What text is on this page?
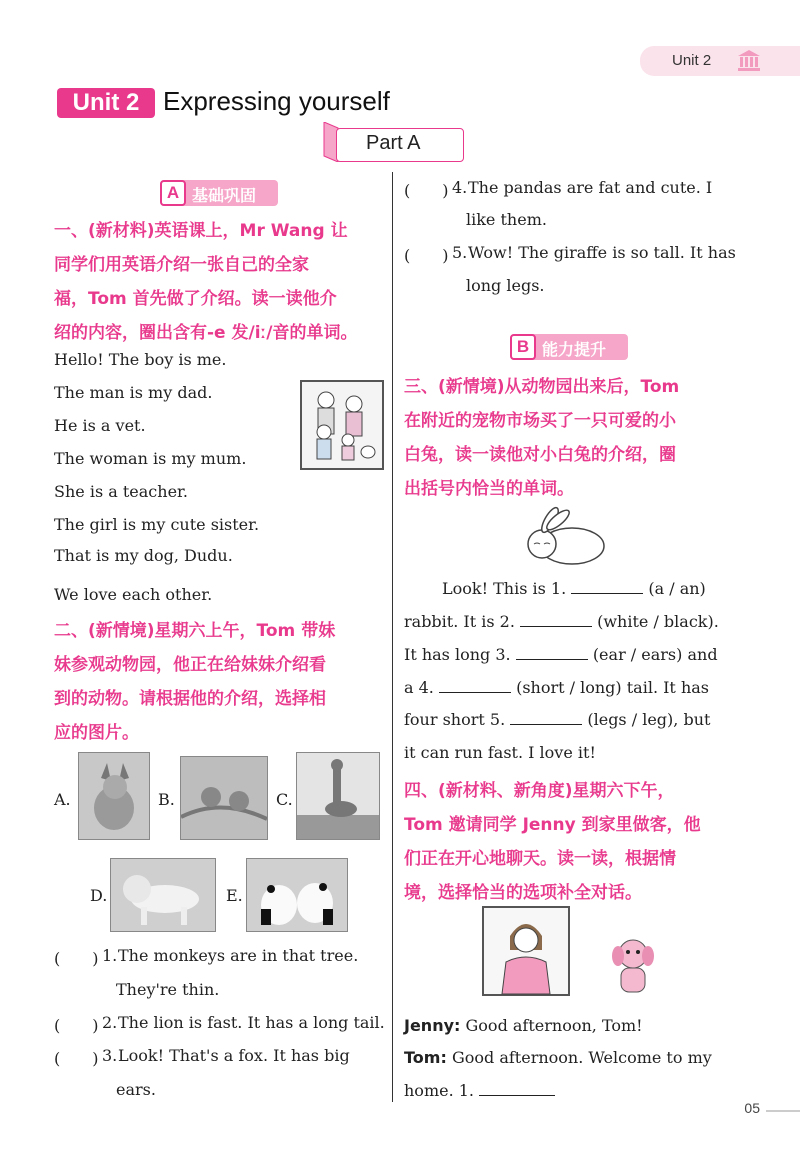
Unit 2
Unit 2 Expressing yourself
Part A
A 基础巩固
一、(新材料)英语课上，Mr Wang 让
同学们用英语介绍一张自己的全家
福，Tom 首先做了介绍。读一读他介
绍的内容，圈出含有-e 发/iː/音的单词。
Hello! The boy is me.
The man is my dad.
He is a vet.
The woman is my mum.
She is a teacher.
The girl is my cute sister.
That is my dog, Dudu.
We love each other.
二、(新情境)星期六上午，Tom 带妹
妹参观动物园，他正在给妹妹介绍看
到的动物。请根据他的介绍，选择相
应的图片。
A.	B.	C.
D.	E.
(　　) 1. The monkeys are in that tree.
They're thin.
(　　) 2. The lion is fast. It has a long tail.
(　　) 3. Look! That's a fox. It has big
ears.
(　　) 4. The pandas are fat and cute. I
like them.
(　　) 5. Wow! The giraffe is so tall. It has
long legs.
B 能力提升
三、(新情境)从动物园出来后，Tom
在附近的宠物市场买了一只可爱的小
白兔，读一读他对小白兔的介绍，圈
出括号内恰当的单词。
Look! This is 1.	(a / an)
rabbit. It is 2.	(white / black).
It has long 3.	(ear / ears) and
a 4.	(short / long) tail. It has
four short 5.	(legs / leg), but
it can run fast. I love it!
四、(新材料、新角度)星期六下午，
Tom 邀请同学 Jenny 到家里做客，他
们正在开心地聊天。读一读，根据情
境，选择恰当的选项补全对话。
Jenny: Good afternoon, Tom!
Tom: Good afternoon. Welcome to my
home. 1.
05
